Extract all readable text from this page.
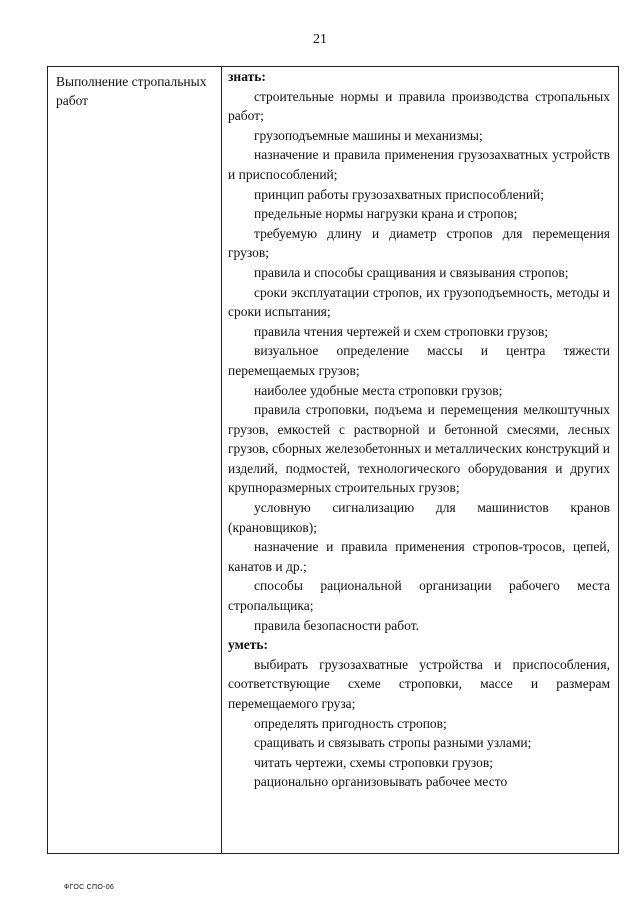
21
Выполнение стропальных работ

знать:

строительные нормы и правила производства стропальных работ;

грузоподъемные машины и механизмы;

назначение и правила применения грузозахватных устройств и приспособлений;

принцип работы грузозахватных приспособлений;

предельные нормы нагрузки крана и стропов;

требуемую длину и диаметр стропов для перемещения грузов;

правила и способы сращивания и связывания стропов;

сроки эксплуатации стропов, их грузоподъемность, методы и сроки испытания;

правила чтения чертежей и схем строповки грузов;

визуальное определение массы и центра тяжести перемещаемых грузов;

наиболее удобные места строповки грузов;

правила строповки, подъема и перемещения мелкоштучных грузов, емкостей с растворной и бетонной смесями, лесных грузов, сборных железобетонных и металлических конструкций и изделий, подмостей, технологического оборудования и других крупноразмерных строительных грузов;

условную сигнализацию для машинистов кранов (крановщиков);

назначение и правила применения стропов-тросов, цепей, канатов и др.;

способы рациональной организации рабочего места стропальщика;

правила безопасности работ.

уметь:

выбирать грузозахватные устройства и приспособления, соответствующие схеме строповки, массе и размерам перемещаемого груза;

определять пригодность стропов;

сращивать и связывать стропы разными узлами;

читать чертежи, схемы строповки грузов;

рационально организовывать рабочее место

ФГОС СПО-06
